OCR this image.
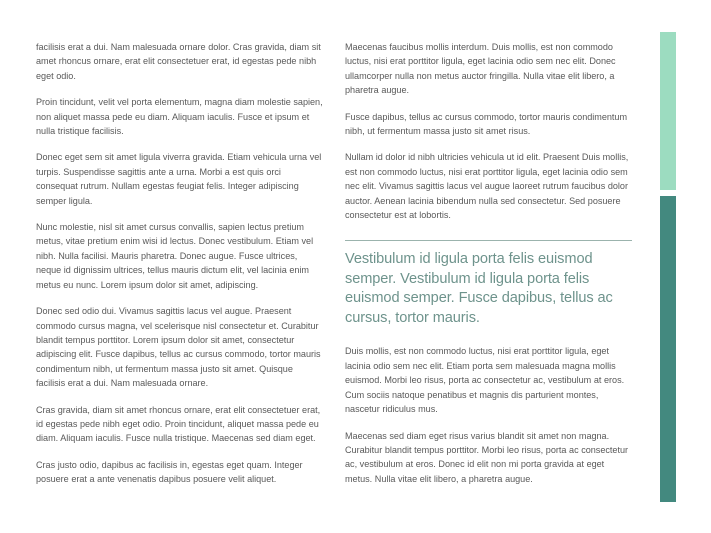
facilisis erat a dui. Nam malesuada ornare dolor. Cras gravida, diam sit amet rhoncus ornare, erat elit consectetuer erat, id egestas pede nibh eget odio.

Proin tincidunt, velit vel porta elementum, magna diam molestie sapien, non aliquet massa pede eu diam. Aliquam iaculis. Fusce et ipsum et nulla tristique facilisis.

Donec eget sem sit amet ligula viverra gravida. Etiam vehicula urna vel turpis. Suspendisse sagittis ante a urna. Morbi a est quis orci consequat rutrum. Nullam egestas feugiat felis. Integer adipiscing semper ligula.

Nunc molestie, nisl sit amet cursus convallis, sapien lectus pretium metus, vitae pretium enim wisi id lectus. Donec vestibulum. Etiam vel nibh. Nulla facilisi. Mauris pharetra. Donec augue. Fusce ultrices, neque id dignissim ultrices, tellus mauris dictum elit, vel lacinia enim metus eu nunc. Lorem ipsum dolor sit amet, adipiscing.

Donec sed odio dui. Vivamus sagittis lacus vel augue. Praesent commodo cursus magna, vel scelerisque nisl consectetur et. Curabitur blandit tempus porttitor. Lorem ipsum dolor sit amet, consectetur adipiscing elit. Fusce dapibus, tellus ac cursus commodo, tortor mauris condimentum nibh, ut fermentum massa justo sit amet. Quisque facilisis erat a dui. Nam malesuada ornare.

Cras gravida, diam sit amet rhoncus ornare, erat elit consectetuer erat, id egestas pede nibh eget odio. Proin tincidunt, aliquet massa pede eu diam. Aliquam iaculis. Fusce nulla tristique. Maecenas sed diam eget.

Cras justo odio, dapibus ac facilisis in, egestas eget quam. Integer posuere erat a ante venenatis dapibus posuere velit aliquet.

Maecenas faucibus mollis interdum. Duis mollis, est non commodo luctus, nisi erat porttitor ligula, eget lacinia odio sem nec elit. Donec ullamcorper nulla non metus auctor fringilla. Nulla vitae elit libero, a pharetra augue.

Fusce dapibus, tellus ac cursus commodo, tortor mauris condimentum nibh, ut fermentum massa justo sit amet risus.

Nullam id dolor id nibh ultricies vehicula ut id elit. Praesent Duis mollis, est non commodo luctus, nisi erat porttitor ligula, eget lacinia odio sem nec elit. Vivamus sagittis lacus vel augue laoreet rutrum faucibus dolor auctor. Aenean lacinia bibendum nulla sed consectetur. Sed posuere consectetur est at lobortis.

Vestibulum id ligula porta felis euismod semper. Vestibulum id ligula porta felis euismod semper. Fusce dapibus, tellus ac cursus, tortor mauris.

Duis mollis, est non commodo luctus, nisi erat porttitor ligula, eget lacinia odio sem nec elit. Etiam porta sem malesuada magna mollis euismod. Morbi leo risus, porta ac consectetur ac, vestibulum at eros. Cum sociis natoque penatibus et magnis dis parturient montes, nascetur ridiculus mus.

Maecenas sed diam eget risus varius blandit sit amet non magna. Curabitur blandit tempus porttitor. Morbi leo risus, porta ac consectetur ac, vestibulum at eros. Donec id elit non mi porta gravida at eget metus. Nulla vitae elit libero, a pharetra augue.
